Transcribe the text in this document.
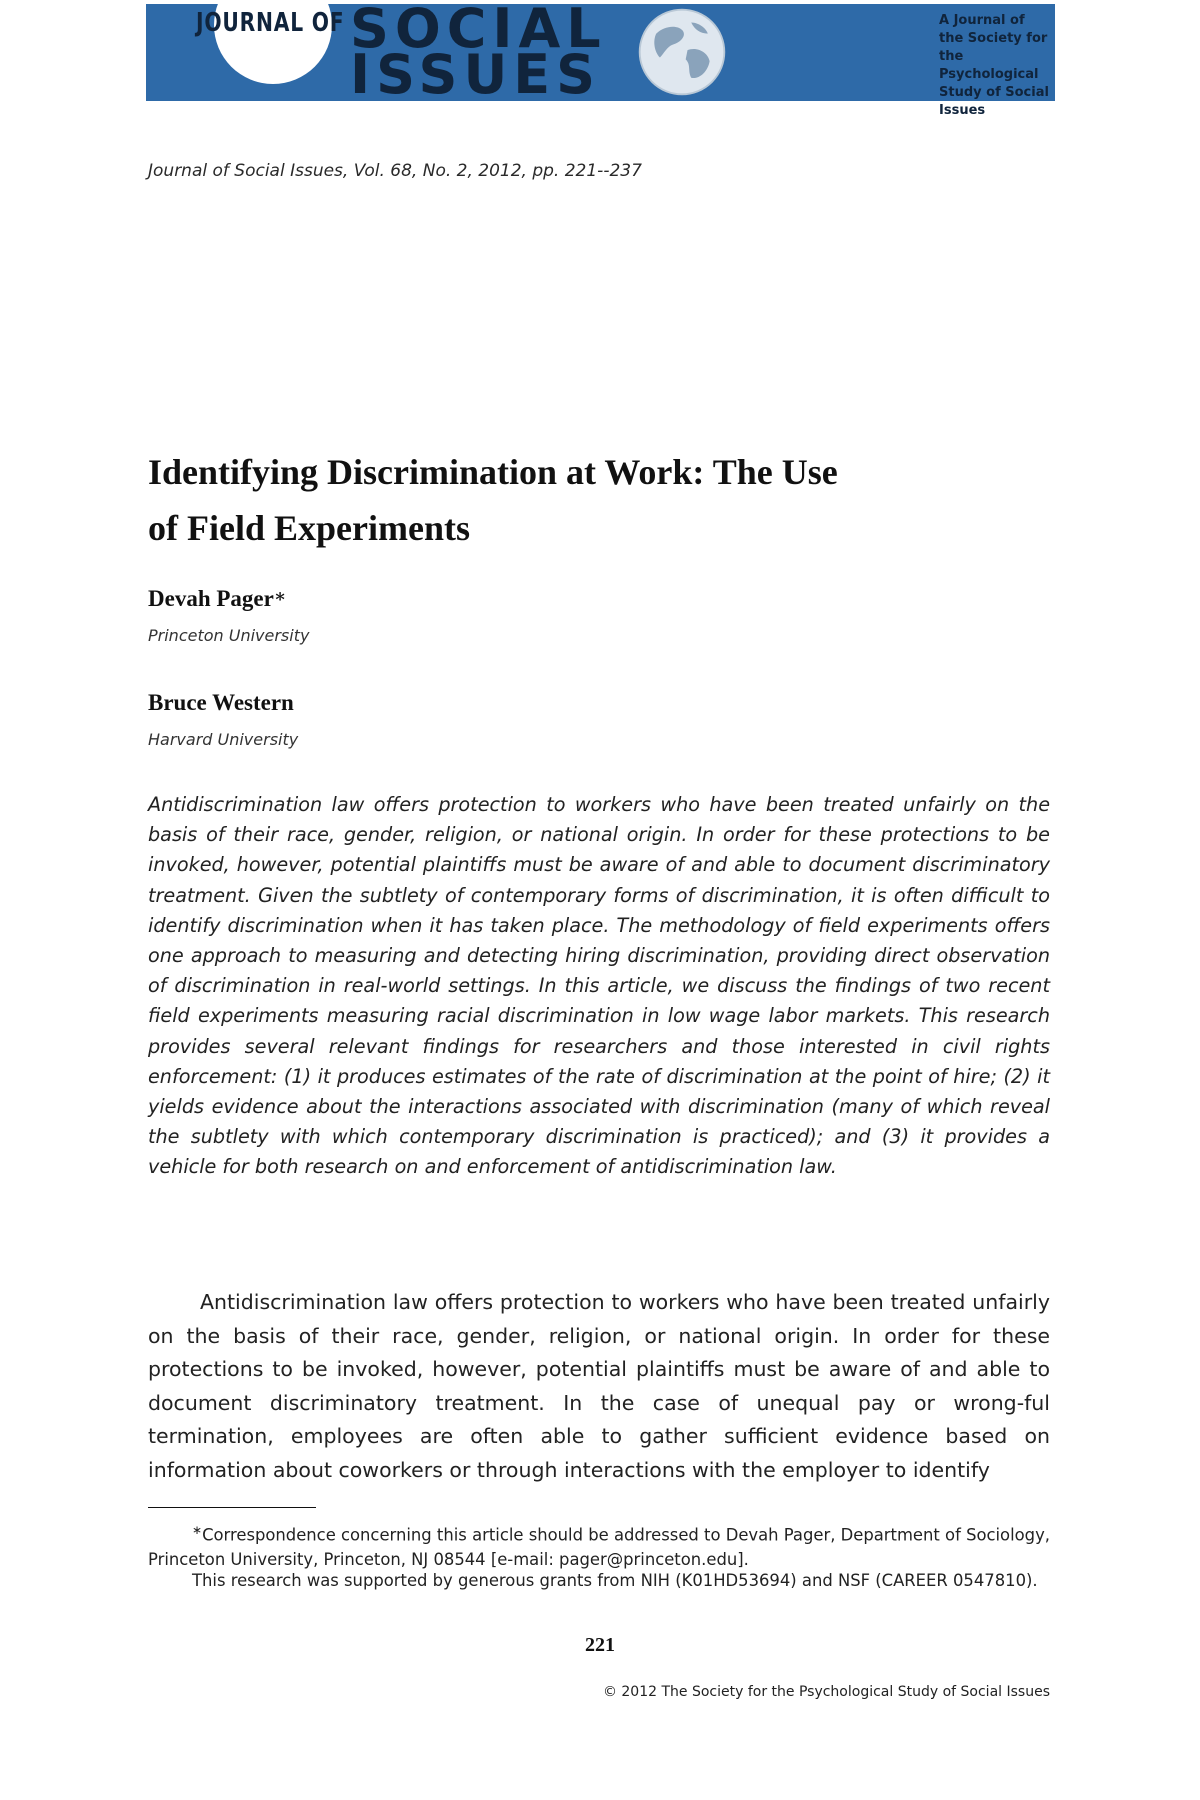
JOURNAL OF SOCIAL
ISSUES
A Journal of the Society for the Psychological Study of Social Issues
Journal of Social Issues, Vol. 68, No. 2, 2012, pp. 221--237
Identifying Discrimination at Work: The Use
of Field Experiments
Devah Pager∗
Princeton University
Bruce Western
Harvard University

Antidiscrimination law offers protection to workers who have been treated unfairly on the basis of their race, gender, religion, or national origin. In order for these protections to be invoked, however, potential plaintiffs must be aware of and able to document discriminatory treatment. Given the subtlety of contemporary forms of discrimination, it is often difficult to identify discrimination when it has taken place. The methodology of field experiments offers one approach to measuring and detecting hiring discrimination, providing direct observation of discrimination in real-world settings. In this article, we discuss the findings of two recent field experiments measuring racial discrimination in low wage labor markets. This research provides several relevant findings for researchers and those interested in civil rights enforcement: (1) it produces estimates of the rate of discrimination at the point of hire; (2) it yields evidence about the interactions associated with discrimination (many of which reveal the subtlety with which contemporary discrimination is practiced); and (3) it provides a vehicle for both research on and enforcement of antidiscrimination law.

Antidiscrimination law offers protection to workers who have been treated unfairly on the basis of their race, gender, religion, or national origin. In order for these protections to be invoked, however, potential plaintiffs must be aware of and able to document discriminatory treatment. In the case of unequal pay or wrong-ful termination, employees are often able to gather sufficient evidence based on information about coworkers or through interactions with the employer to identify

∗Correspondence concerning this article should be addressed to Devah Pager, Department of Sociology, Princeton University, Princeton, NJ 08544 [e-mail: pager@princeton.edu].

This research was supported by generous grants from NIH (K01HD53694) and NSF (CAREER 0547810).

221
© 2012 The Society for the Psychological Study of Social Issues
